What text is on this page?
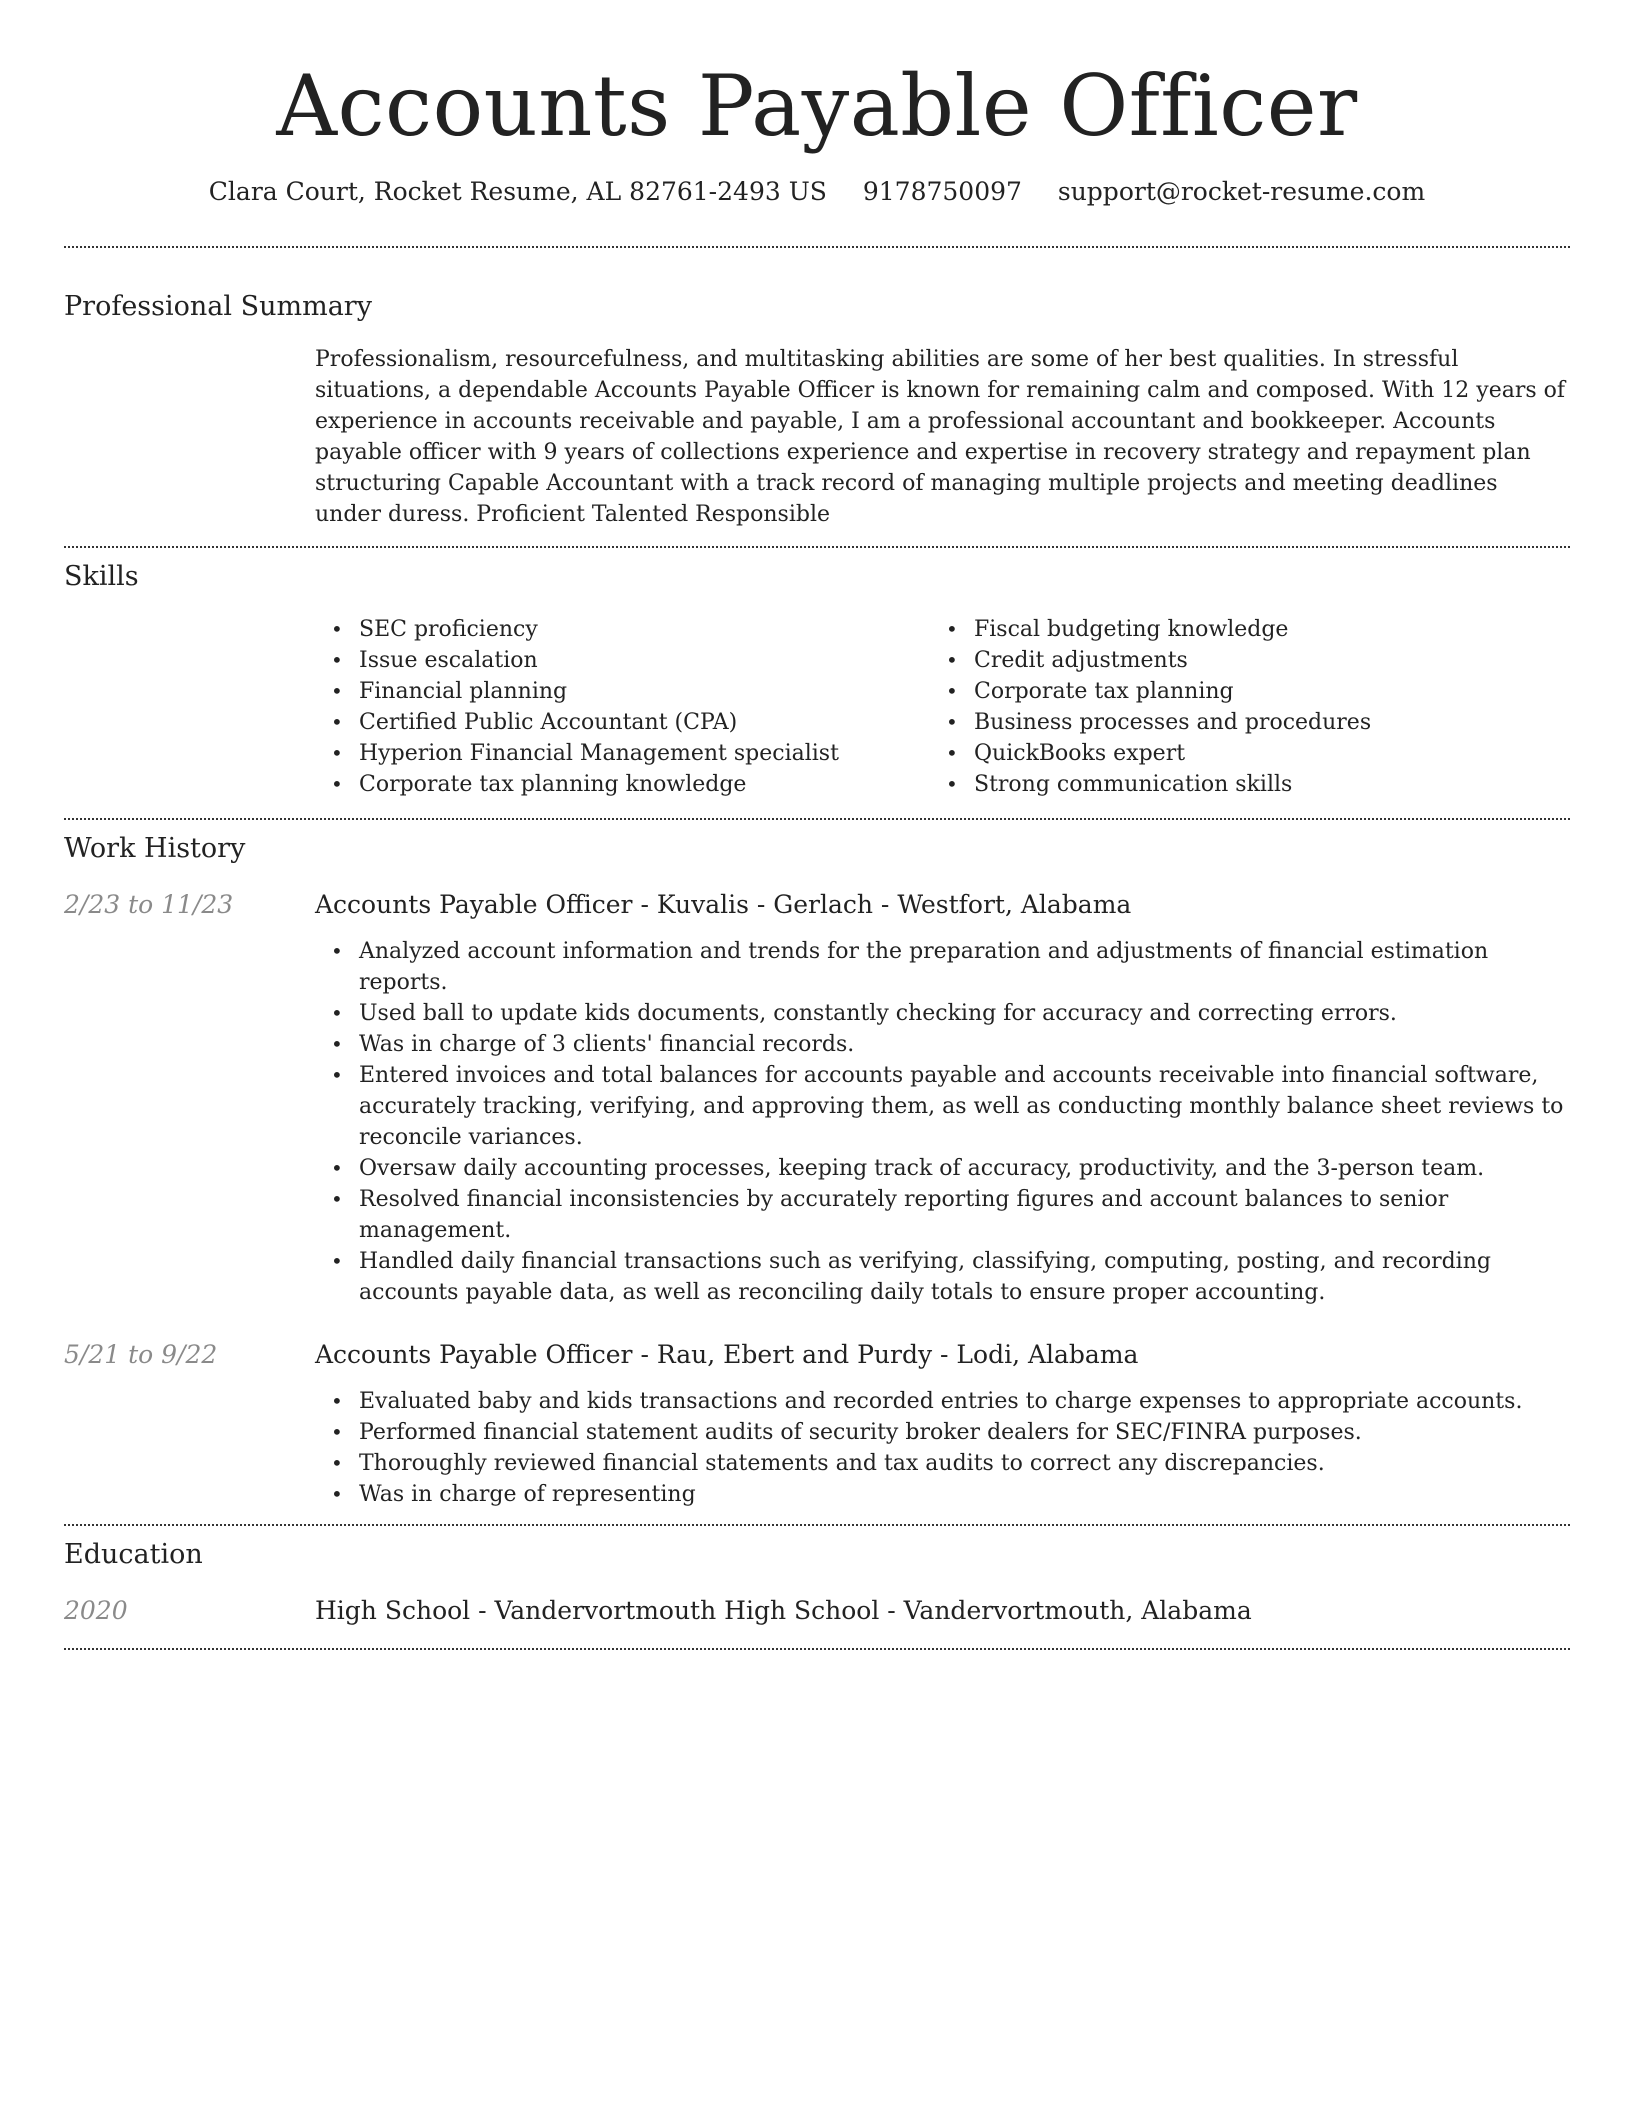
Accounts Payable Officer
Clara Court, Rocket Resume, AL 82761-2493 US 9178750097 support@rocket-resume.com
Professional Summary

Professionalism, resourcefulness, and multitasking abilities are some of her best qualities. In stressful situations, a dependable Accounts Payable Officer is known for remaining calm and composed. With 12 years of experience in accounts receivable and payable, I am a professional accountant and bookkeeper. Accounts payable officer with 9 years of collections experience and expertise in recovery strategy and repayment plan structuring Capable Accountant with a track record of managing multiple projects and meeting deadlines under duress. Proficient Talented Responsible

Skills
• SEC proficiency
• Issue escalation
• Financial planning
• Certified Public Accountant (CPA)
• Hyperion Financial Management specialist
• Corporate tax planning knowledge
• Fiscal budgeting knowledge
• Credit adjustments
• Corporate tax planning
• Business processes and procedures
• QuickBooks expert
• Strong communication skills
Work History
2/23 to 11/23	Accounts Payable Officer - Kuvalis - Gerlach - Westfort, Alabama
• Analyzed account information and trends for the preparation and adjustments of financial estimation reports.
• Used ball to update kids documents, constantly checking for accuracy and correcting errors.
• Was in charge of 3 clients' financial records.
• Entered invoices and total balances for accounts payable and accounts receivable into financial software, accurately tracking, verifying, and approving them, as well as conducting monthly balance sheet reviews to reconcile variances.
• Oversaw daily accounting processes, keeping track of accuracy, productivity, and the 3-person team.
• Resolved financial inconsistencies by accurately reporting figures and account balances to senior management.
• Handled daily financial transactions such as verifying, classifying, computing, posting, and recording accounts payable data, as well as reconciling daily totals to ensure proper accounting.
5/21 to 9/22	Accounts Payable Officer - Rau, Ebert and Purdy - Lodi, Alabama
• Evaluated baby and kids transactions and recorded entries to charge expenses to appropriate accounts.
• Performed financial statement audits of security broker dealers for SEC/FINRA purposes.
• Thoroughly reviewed financial statements and tax audits to correct any discrepancies.
• Was in charge of representing
Education
2020	High School - Vandervortmouth High School - Vandervortmouth, Alabama
